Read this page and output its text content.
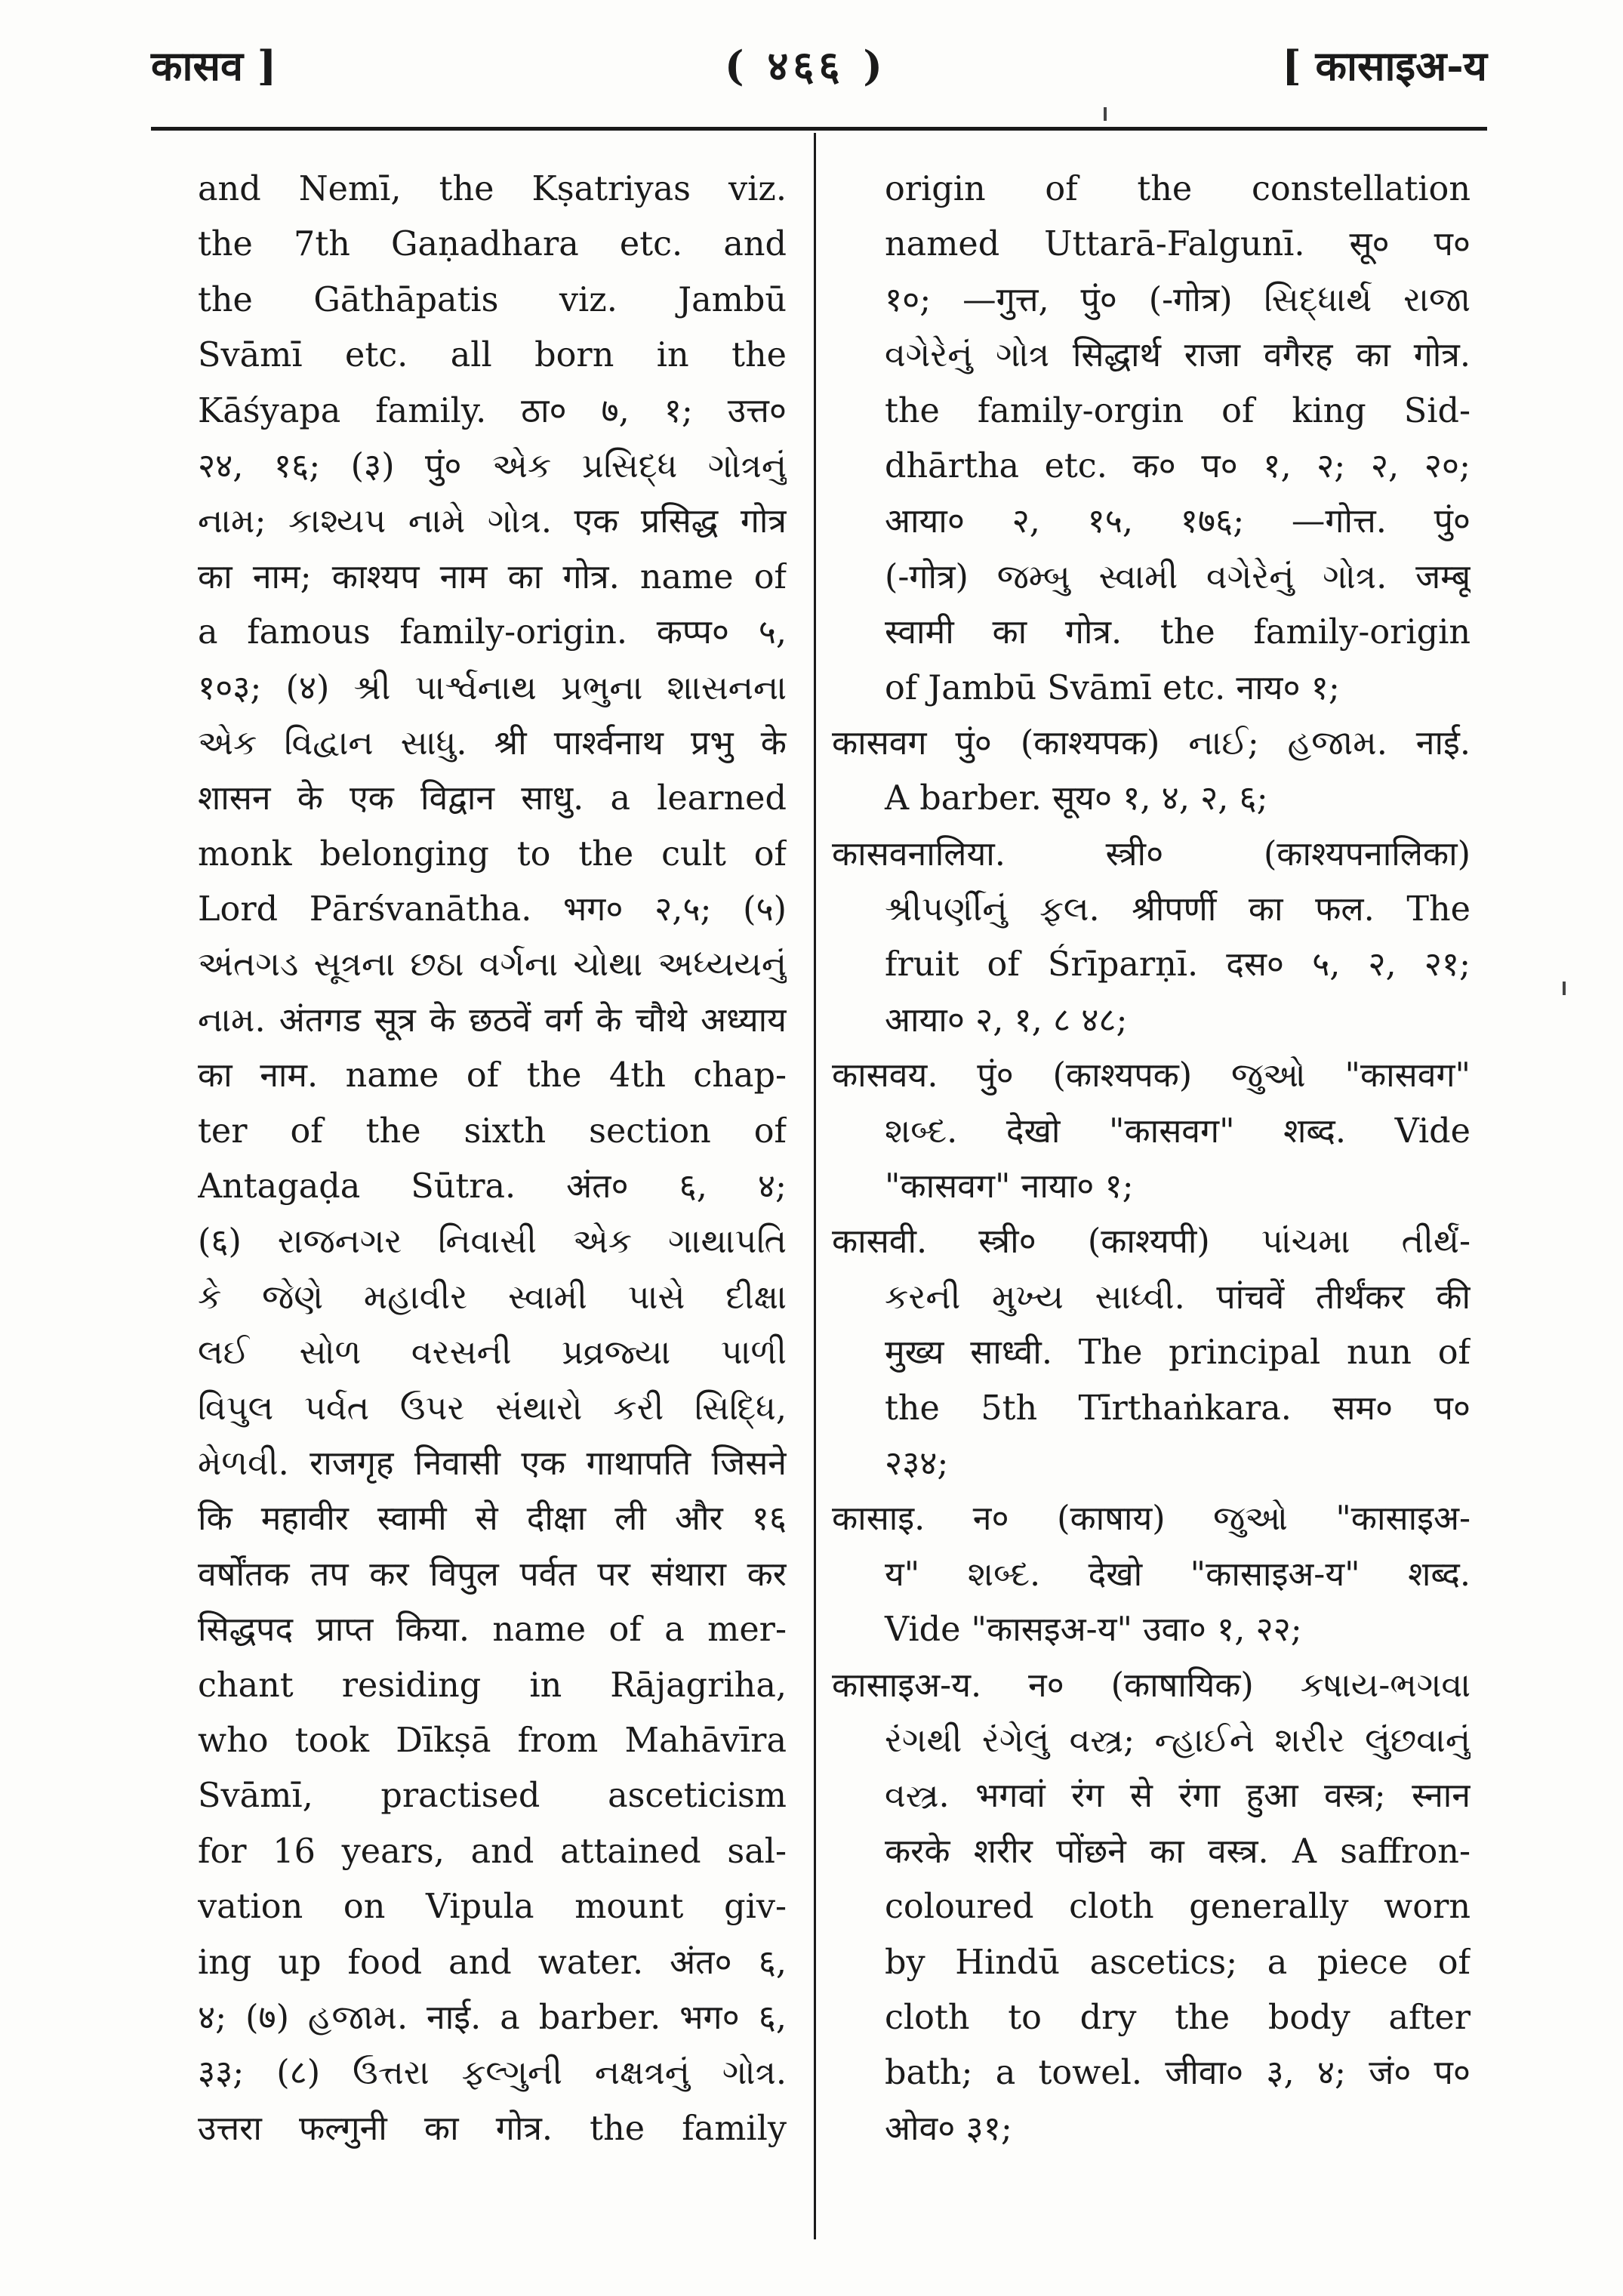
कासव ]	( ४६६ )	[ कासाइअ-य
and Nemī, the Kṣatriyas viz.
the 7th Gaṇadhara etc. and
the Gāthāpatis viz. Jambū
Svāmī etc. all born in the
Kāśyapa family. ठा० ७, १; उत्त०
२४, १६; (३) पुं० એક પ્રસિદ્ધ ગોત્રનું
નામ; કાશ્યપ નામે ગોત્ર. एक प्रसिद्ध गोत्र
का नाम; काश्यप नाम का गोत्र. name of
a famous family-origin. कप्प० ५,
१०३; (४) શ્રી પાર્શ્વનાથ પ્રભુના શાસનના
એક વિદ્વાન સાધુ. श्री पार्श्वनाथ प्रभु के
शासन के एक विद्वान साधु. a learned
monk belonging to the cult of
Lord Pārśvanātha. भग० २,५; (५)
અંતગડ સૂત્રના છઠા વર્ગના ચોથા અધ્યયનું
નામ. अंतगड सूत्र के छठवें वर्ग के चौथे अध्याय
का नाम. name of the 4th chap-
ter of the sixth section of
Antagaḍa Sūtra. अंत० ६, ४;
(६) રાજનગર નિવાસી એક ગાથાપતિ
કે જેણે મહાવીર સ્વામી પાસે દીક્ષા
લઈ સોળ વરસની પ્રવ્રજ્યા પાળી
વિપુલ પર્વત ઉપર સંથારો કરી સિદ્ધિ,
મેળવી. राजगृह निवासी एक गाथापति जिसने
कि महावीर स्वामी से दीक्षा ली और १६
वर्षोंतक तप कर विपुल पर्वत पर संथारा कर
सिद्धपद प्राप्त किया. name of a mer-
chant residing in Rājagriha,
who took Dīkṣā from Mahāvīra
Svāmī, practised asceticism
for 16 years, and attained sal-
vation on Vipula mount giv-
ing up food and water. अंत० ६,
४; (७) હજામ. नाई. a barber. भग० ६,
३३; (८) ઉત્તરા ફલ્ગુની નક્ષત્રનું ગોત્ર.
उत्तरा फल्गुनी का गोत्र. the family
origin of the constellation
named Uttarā-Falgunī. सू० प०
१०; —गुत्त, पुं० (-गोत्र) સિદ્ધાર્થ રાજા
વગેરેનું ગોત્ર सिद्धार्थ राजा वगैरह का गोत्र.
the family-orgin of king Sid-
dhārtha etc. क० प० १, २; २, २०;
आया० २, १५, १७६; —गोत्त. पुं०
(-गोत्र) જમ્બુ સ્વામી વગેરેનું ગોત્ર. जम्बू
स्वामी का गोत्र. the family-origin
of Jambū Svāmī etc. नाय० १;
कासवग पुं० (काश्यपक) નાઈ; હજામ. नाई.
A barber. सूय० १, ४, २, ६;
कासवनालिया. स्त्री० (काश्यपनालिका)
શ્રીપર્ણીનું ફલ. श्रीपर्णी का फल. The
fruit of Śrīparṇī. दस० ५, २, २१;
आया० २, १, ८ ४८;
कासवय. पुं० (काश्यपक) જુઓ "कासवग"
શબ્દ. देखो "कासवग" शब्द. Vide
"कासवग" नाया० १;
कासवी. स्त्री० (काश्यपी) પાંચમા તીર્થં-
કરની મુખ્ય સાધ્વી. पांचवें तीर्थंकर की
मुख्य साध्वी. The principal nun of
the 5th Tīrthaṅkara. सम० प०
२३४;
कासाइ. न० (काषाय) જુઓ "कासाइअ-
य" શબ્દ. देखो "कासाइअ-य" शब्द.
Vide "कासइअ-य" उवा० १, २२;
कासाइअ-य. न० (काषायिक) કષાય-ભગવા
રંગથી રંગેલું વસ્ત્ર; ન્હાઈને શરીર લુંછવાનું
વસ્ત્ર. भगवां रंग से रंगा हुआ वस्त्र; स्नान
करके शरीर पोंछने का वस्त्र. A saffron-
coloured cloth generally worn
by Hindū ascetics; a piece of
cloth to dry the body after
bath; a towel. जीवा० ३, ४; जं० प०
ओव० ३१;
